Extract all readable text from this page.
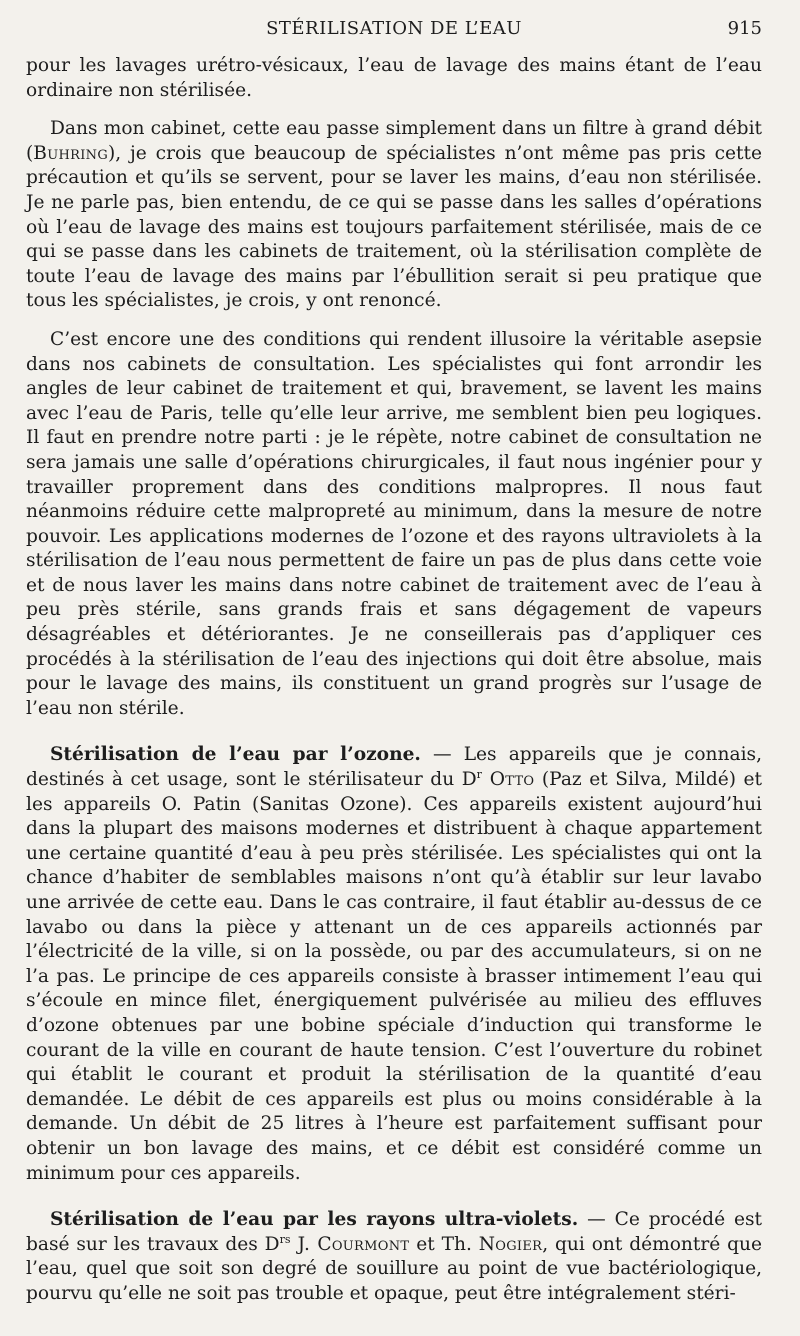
STÉRILISATION DE L’EAU	915

pour les lavages urétro-vésicaux, l’eau de lavage des mains étant de l’eau ordinaire non stérilisée.

Dans mon cabinet, cette eau passe simplement dans un filtre à grand débit (Buhring), je crois que beaucoup de spécialistes n’ont même pas pris cette précaution et qu’ils se servent, pour se laver les mains, d’eau non stérilisée. Je ne parle pas, bien entendu, de ce qui se passe dans les salles d’opérations où l’eau de lavage des mains est toujours parfaitement stérilisée, mais de ce qui se passe dans les cabinets de traitement, où la stérilisation complète de toute l’eau de lavage des mains par l’ébullition serait si peu pratique que tous les spécialistes, je crois, y ont renoncé.

C’est encore une des conditions qui rendent illusoire la véritable asepsie dans nos cabinets de consultation. Les spécialistes qui font arrondir les angles de leur cabinet de traitement et qui, bravement, se lavent les mains avec l’eau de Paris, telle qu’elle leur arrive, me semblent bien peu logiques. Il faut en prendre notre parti : je le répète, notre cabinet de consultation ne sera jamais une salle d’opérations chirurgicales, il faut nous ingénier pour y travailler proprement dans des conditions malpropres. Il nous faut néanmoins réduire cette malpropreté au minimum, dans la mesure de notre pouvoir. Les applications modernes de l’ozone et des rayons ultraviolets à la stérilisation de l’eau nous permettent de faire un pas de plus dans cette voie et de nous laver les mains dans notre cabinet de traitement avec de l’eau à peu près stérile, sans grands frais et sans dégagement de vapeurs désagréables et détériorantes. Je ne conseillerais pas d’appliquer ces procédés à la stérilisation de l’eau des injections qui doit être absolue, mais pour le lavage des mains, ils constituent un grand progrès sur l’usage de l’eau non stérile.

Stérilisation de l’eau par l’ozone. — Les appareils que je connais, destinés à cet usage, sont le stérilisateur du $D^r$ Otto (Paz et Silva, Mildé) et les appareils O. Patin (Sanitas Ozone). Ces appareils existent aujourd’hui dans la plupart des maisons modernes et distribuent à chaque appartement une certaine quantité d’eau à peu près stérilisée. Les spécialistes qui ont la chance d’habiter de semblables maisons n’ont qu’à établir sur leur lavabo une arrivée de cette eau. Dans le cas contraire, il faut établir au-dessus de ce lavabo ou dans la pièce y attenant un de ces appareils actionnés par l’électricité de la ville, si on la possède, ou par des accumulateurs, si on ne l’a pas. Le principe de ces appareils consiste à brasser intimement l’eau qui s’écoule en mince filet, énergiquement pulvérisée au milieu des effluves d’ozone obtenues par une bobine spéciale d’induction qui transforme le courant de la ville en courant de haute tension. C’est l’ouverture du robinet qui établit le courant et produit la stérilisation de la quantité d’eau demandée. Le débit de ces appareils est plus ou moins considérable à la demande. Un débit de 25 litres à l’heure est parfaitement suffisant pour obtenir un bon lavage des mains, et ce débit est considéré comme un minimum pour ces appareils.

Stérilisation de l’eau par les rayons ultra-violets. — Ce procédé est basé sur les travaux des $D^{rs}$ J. Courmont et Th. Nogier, qui ont démontré que l’eau, quel que soit son degré de souillure au point de vue bactériologique, pourvu qu’elle ne soit pas trouble et opaque, peut être intégralement stéri-
